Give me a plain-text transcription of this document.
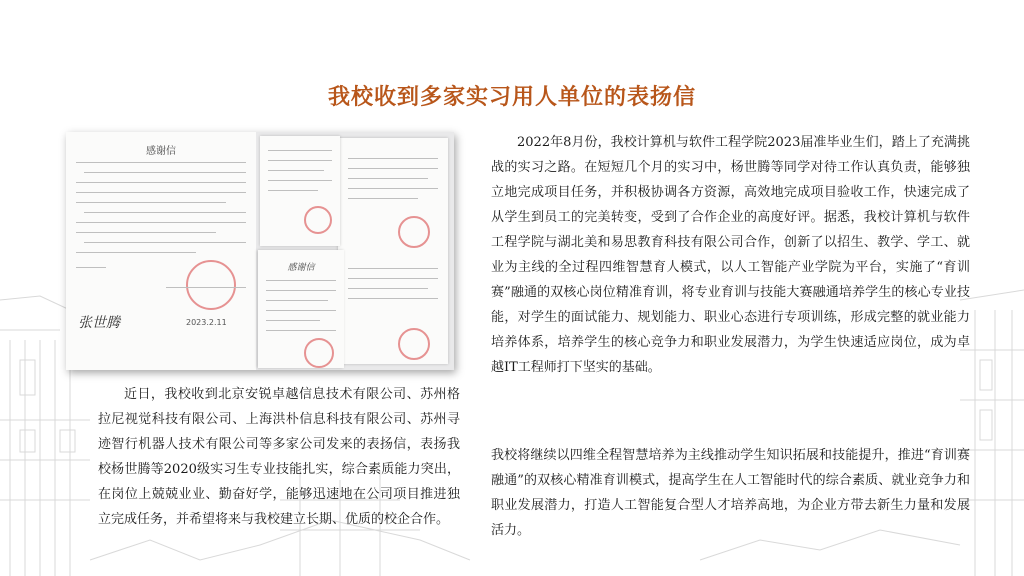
我校收到多家实习用人单位的表扬信
感谢信
张世腾	2023.2.11
感谢信

近日，我校收到北京安锐卓越信息技术有限公司、苏州格拉尼视觉科技有限公司、上海洪朴信息科技有限公司、苏州寻迹智行机器人技术有限公司等多家公司发来的表扬信，表扬我校杨世腾等2020级实习生专业技能扎实，综合素质能力突出，在岗位上兢兢业业、勤奋好学，能够迅速地在公司项目推进独立完成任务，并希望将来与我校建立长期、优质的校企合作。

2022年8月份，我校计算机与软件工程学院2023届准毕业生们，踏上了充满挑战的实习之路。在短短几个月的实习中，杨世腾等同学对待工作认真负责，能够独立地完成项目任务，并积极协调各方资源，高效地完成项目验收工作，快速完成了从学生到员工的完美转变，受到了合作企业的高度好评。据悉，我校计算机与软件工程学院与湖北美和易思教育科技有限公司合作，创新了以招生、教学、学工、就业为主线的全过程四维智慧育人模式，以人工智能产业学院为平台，实施了“育训赛”融通的双核心岗位精准育训，将专业育训与技能大赛融通培养学生的核心专业技能，对学生的面试能力、规划能力、职业心态进行专项训练，形成完整的就业能力培养体系，培养学生的核心竞争力和职业发展潜力，为学生快速适应岗位，成为卓越IT工程师打下坚实的基础。

我校将继续以四维全程智慧培养为主线推动学生知识拓展和技能提升，推进“育训赛融通”的双核心精准育训模式，提高学生在人工智能时代的综合素质、就业竞争力和职业发展潜力，打造人工智能复合型人才培养高地，为企业方带去新生力量和发展活力。
